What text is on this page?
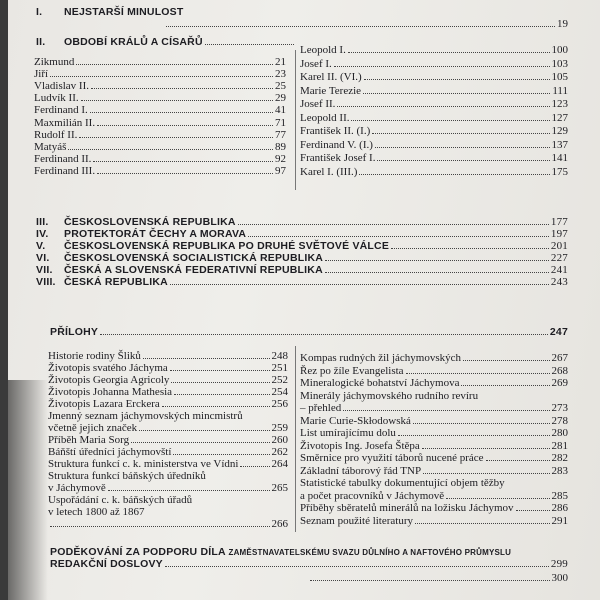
I. NEJSTARŠÍ MINULOST
19
II. OBDOBÍ KRÁLŮ A CÍSAŘŮ
Zikmund	21
Jiří	23
Vladislav II.	25
Ludvík II.	29
Ferdinand I.	41
Maxmilián II.	71
Rudolf II.	77
Matyáš	89
Ferdinand II.	92
Ferdinand III.	97
Leopold I.	100
Josef I.	103
Karel II. (VI.)	105
Marie Terezie	111
Josef II.	123
Leopold II.	127
František II. (I.)	129
Ferdinand V. (I.)	137
František Josef I.	141
Karel I. (III.)	175
III. ČESKOSLOVENSKÁ REPUBLIKA	177
IV. PROTEKTORÁT ČECHY A MORAVA	197
V. ČESKOSLOVENSKÁ REPUBLIKA PO DRUHÉ SVĚTOVÉ VÁLCE	201
VI. ČESKOSLOVENSKÁ SOCIALISTICKÁ REPUBLIKA	227
VII. ČESKÁ A SLOVENSKÁ FEDERATIVNÍ REPUBLIKA	241
VIII. ČESKÁ REPUBLIKA	243
PŘÍLOHY	247
Historie rodiny Šliků	248
Životopis svatého Jáchyma	251
Životopis Georgia Agricoly	252
Životopis Johanna Mathesia	254
Životopis Lazara Erckera	256
Jmenný seznam jáchymovských mincmistrů
včetně jejich značek	259
Příběh Maria Sorg	260
Báňští úředníci jáchymovští	262
Struktura funkcí c. k. ministerstva ve Vídni	264
Struktura funkcí báňských úředníků
v Jáchymově	265
Uspořádání c. k. báňských úřadů
v letech 1800 až 1867
266
Kompas rudných žil jáchymovských	267
Řez po žíle Evangelista	268
Mineralogické bohatství Jáchymova	269
Minerály jáchymovského rudního revíru
– přehled	273
Marie Curie-Skłodowská	278
List umírajícímu dolu	280
Životopis Ing. Josefa Štěpa	281
Směrnice pro využití táborů nucené práce	282
Základní táborový řád TNP	283
Statistické tabulky dokumentující objem těžby
a počet pracovníků v Jáchymově	285
Příběhy sběratelů minerálů na ložisku Jáchymov	286
Seznam použité literatury	291
PODĚKOVÁNÍ ZA PODPORU DÍLA ZAMĚSTNAVATELSKÉMU SVAZU DŮLNÍHO A NAFTOVÉHO PRŮMYSLU
REDAKČNÍ DOSLOVY	299
300
